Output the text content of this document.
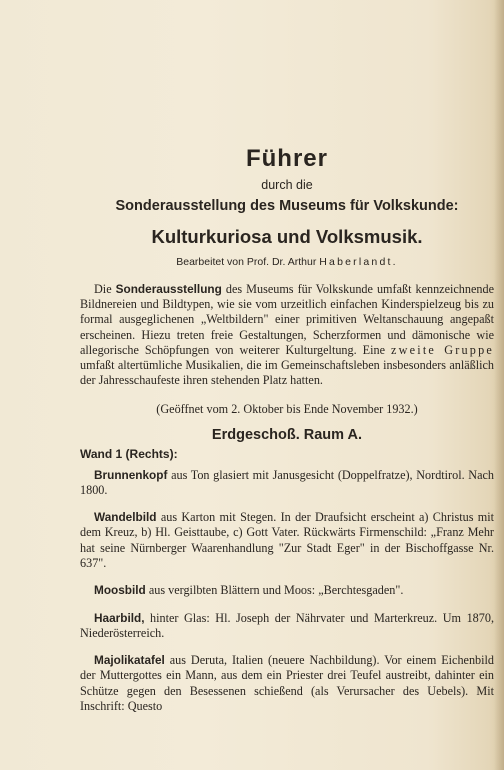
Führer
durch die
Sonderausstellung des Museums für Volkskunde:
Kulturkuriosa und Volksmusik.
Bearbeitet von Prof. Dr. Arthur Haberlandt.

Die Sonderausstellung des Museums für Volkskunde umfaßt kennzeichnende Bildnereien und Bildtypen, wie sie vom urzeitlich einfachen Kinderspielzeug bis zu formal ausgeglichenen „Weltbildern" einer primitiven Weltanschauung angepaßt erscheinen. Hiezu treten freie Gestaltungen, Scherzformen und dämonische wie allegorische Schöpfungen von weiterer Kulturgeltung. Eine zweite Gruppe umfaßt altertümliche Musikalien, die im Gemeinschaftsleben insbesonders anläßlich der Jahresschaufeste ihren stehenden Platz hatten.

(Geöffnet vom 2. Oktober bis Ende November 1932.)
Erdgeschoß. Raum A.
Wand 1 (Rechts):

Brunnenkopf aus Ton glasiert mit Janusgesicht (Doppelfratze), Nordtirol. Nach 1800.

Wandelbild aus Karton mit Stegen. In der Draufsicht erscheint a) Christus mit dem Kreuz, b) Hl. Geisttaube, c) Gott Vater. Rückwärts Firmenschild: „Franz Mehr hat seine Nürnberger Waarenhandlung "Zur Stadt Eger" in der Bischoffgasse Nr. 637".

Moosbild aus vergilbten Blättern und Moos: „Berchtesgaden".

Haarbild, hinter Glas: Hl. Joseph der Nährvater und Marterkreuz. Um 1870, Niederösterreich.

Majolikatafel aus Deruta, Italien (neuere Nachbildung). Vor einem Eichenbild der Muttergottes ein Mann, aus dem ein Priester drei Teufel austreibt, dahinter ein Schütze gegen den Besessenen schießend (als Verursacher des Uebels). Mit Inschrift: Questo
